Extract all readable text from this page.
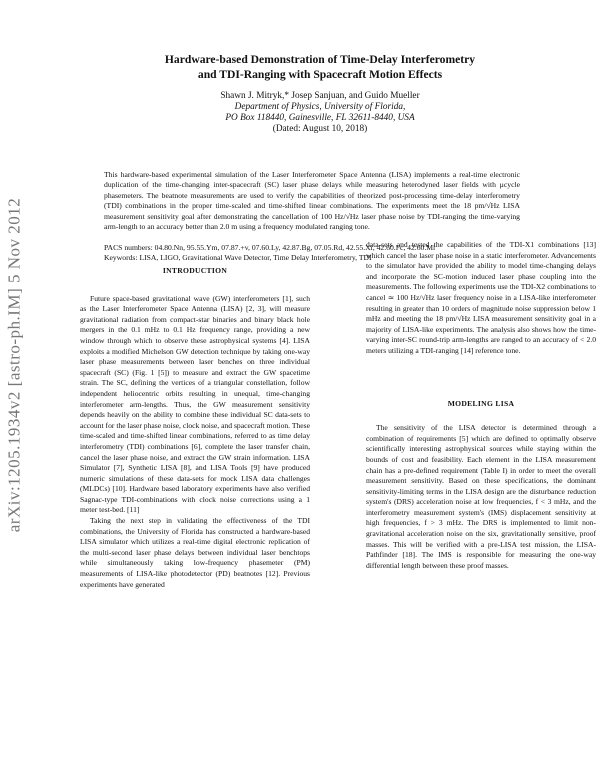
arXiv:1205.1934v2 [astro-ph.IM] 5 Nov 2012
Hardware-based Demonstration of Time-Delay Interferometry
and TDI-Ranging with Spacecraft Motion Effects
Shawn J. Mitryk,* Josep Sanjuan, and Guido Mueller
Department of Physics, University of Florida,
PO Box 118440, Gainesville, FL 32611-8440, USA
(Dated: August 10, 2018)

This hardware-based experimental simulation of the Laser Interferometer Space Antenna (LISA) implements a real-time electronic duplication of the time-changing inter-spacecraft (SC) laser phase delays while measuring heterodyned laser fields with μcycle phasemeters. The beatnote measurements are used to verify the capabilities of theorized post-processing time-delay interferometry (TDI) combinations in the proper time-scaled and time-shifted linear combinations. The experiments meet the 18 pm/√Hz LISA measurement sensitivity goal after demonstrating the cancellation of 100 Hz/√Hz laser phase noise by TDI-ranging the time-varying arm-length to an accuracy better than 2.0 m using a frequency modulated ranging tone.

PACS numbers: 04.80.Nn, 95.55.Ym, 07.87.+v, 07.60.Ly, 42.87.Bg, 07.05.Rd, 42.55.Xi, 42.60.Fc, 42.60.Mi

Keywords: LISA, LIGO, Gravitational Wave Detector, Time Delay Interferometry, TDI

INTRODUCTION

Future space-based gravitational wave (GW) interferometers [1], such as the Laser Interferometer Space Antenna (LISA) [2, 3], will measure gravitational radiation from compact-star binaries and binary black hole mergers in the 0.1 mHz to 0.1 Hz frequency range, providing a new window through which to observe these astrophysical systems [4]. LISA exploits a modified Michelson GW detection technique by taking one-way laser phase measurements between laser benches on three individual spacecraft (SC) (Fig. 1 [5]) to measure and extract the GW spacetime strain. The SC, defining the vertices of a triangular constellation, follow independent heliocentric orbits resulting in unequal, time-changing interferometer arm-lengths. Thus, the GW measurement sensitivity depends heavily on the ability to combine these individual SC data-sets to account for the laser phase noise, clock noise, and spacecraft motion. These time-scaled and time-shifted linear combinations, referred to as time delay interferometry (TDI) combinations [6], complete the laser transfer chain, cancel the laser phase noise, and extract the GW strain information. LISA Simulator [7], Synthetic LISA [8], and LISA Tools [9] have produced numeric simulations of these data-sets for mock LISA data challenges (MLDCs) [10]. Hardware based laboratory experiments have also verified Sagnac-type TDI-combinations with clock noise corrections using a 1 meter test-bed. [11]

Taking the next step in validating the effectiveness of the TDI combinations, the University of Florida has constructed a hardware-based LISA simulator which utilizes a real-time digital electronic replication of the multi-second laser phase delays between individual laser benchtops while simultaneously taking low-frequency phasemeter (PM) measurements of LISA-like photodetector (PD) beatnotes [12]. Previous experiments have generated

data-sets and tested the capabilities of the TDI-X1 combinations [13] which cancel the laser phase noise in a static interferometer. Advancements to the simulator have provided the ability to model time-changing delays and incorporate the SC-motion induced laser phase coupling into the measurements. The following experiments use the TDI-X2 combinations to cancel ≃ 100 Hz/√Hz laser frequency noise in a LISA-like interferometer resulting in greater than 10 orders of magnitude noise suppression below 1 mHz and meeting the 18 pm/√Hz LISA measurement sensitivity goal in a majority of LISA-like experiments. The analysis also shows how the time-varying inter-SC round-trip arm-lengths are ranged to an accuracy of < 2.0 meters utilizing a TDI-ranging [14] reference tone.

MODELING LISA

The sensitivity of the LISA detector is determined through a combination of requirements [5] which are defined to optimally observe scientifically interesting astrophysical sources while staying within the bounds of cost and feasibility. Each element in the LISA measurement chain has a pre-defined requirement (Table I) in order to meet the overall measurement sensitivity. Based on these specifications, the dominant sensitivity-limiting terms in the LISA design are the disturbance reduction system's (DRS) acceleration noise at low frequencies, f < 3 mHz, and the interferometry measurement system's (IMS) displacement sensitivity at high frequencies, f > 3 mHz. The DRS is implemented to limit non-gravitational acceleration noise on the six, gravitationally sensitive, proof masses. This will be verified with a pre-LISA test mission, the LISA-Pathfinder [18]. The IMS is responsible for measuring the one-way differential length between these proof masses.
